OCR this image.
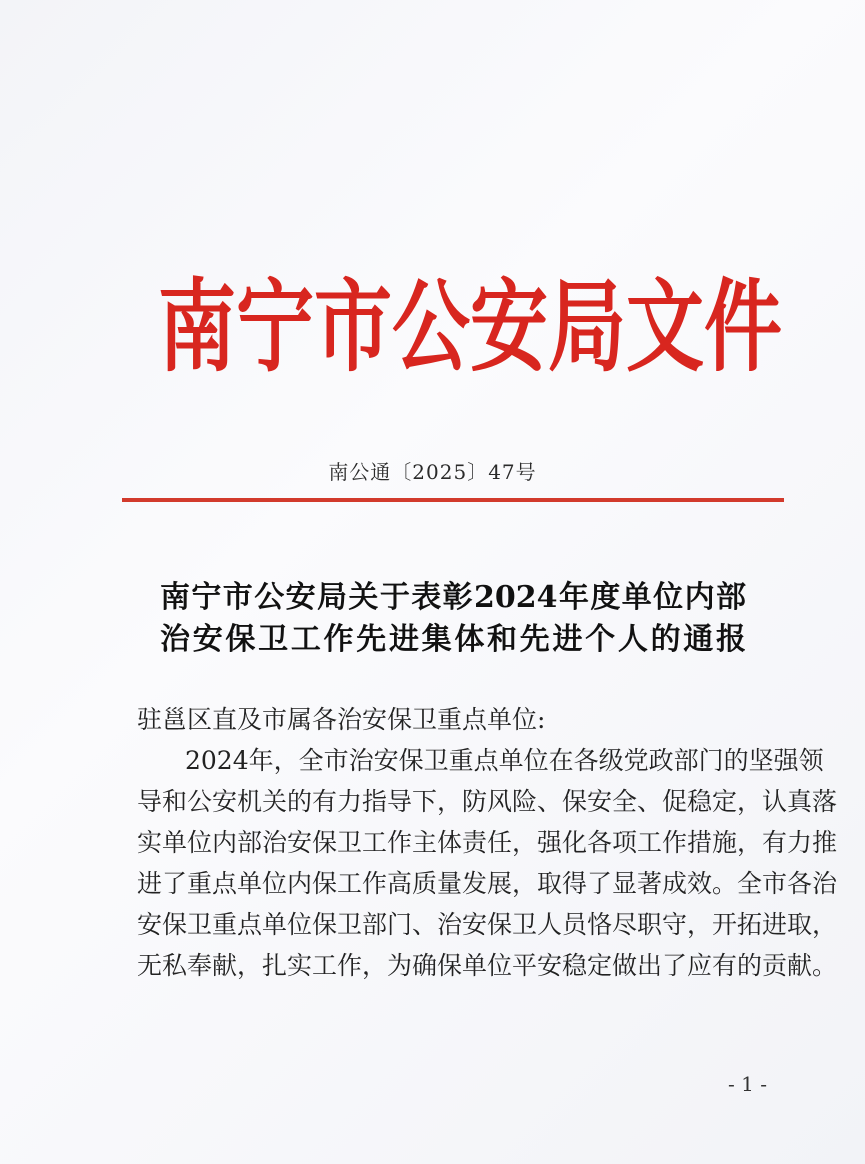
南宁市公安局文件
南公通〔2025〕47号
南宁市公安局关于表彰2024年度单位内部
治安保卫工作先进集体和先进个人的通报
驻邕区直及市属各治安保卫重点单位:
2024年，全市治安保卫重点单位在各级党政部门的坚强领
导和公安机关的有力指导下，防风险、保安全、促稳定，认真落
实单位内部治安保卫工作主体责任，强化各项工作措施，有力推
进了重点单位内保工作高质量发展，取得了显著成效。全市各治
安保卫重点单位保卫部门、治安保卫人员恪尽职守，开拓进取，
无私奉献，扎实工作，为确保单位平安稳定做出了应有的贡献。
- 1 -
